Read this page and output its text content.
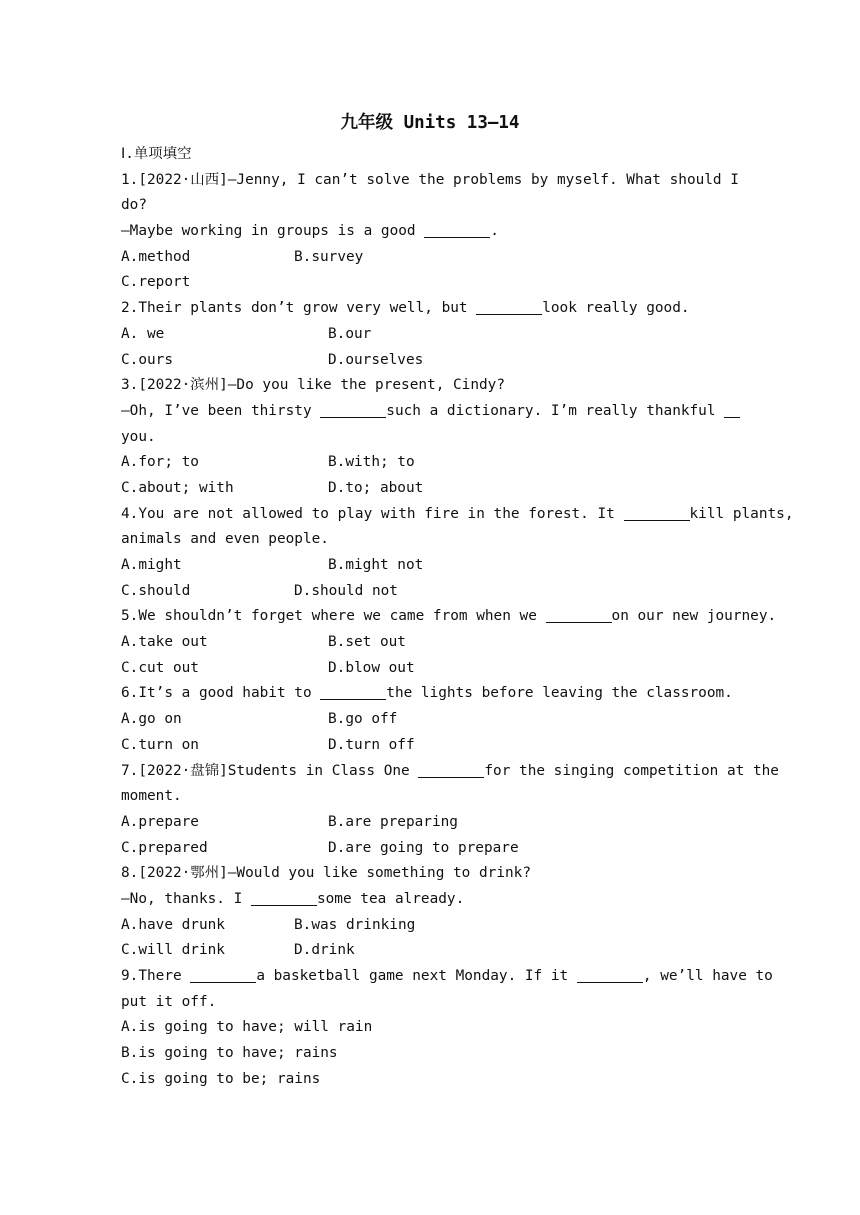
九年级 Units 13—14
Ⅰ.单项填空
1.[2022·山西]—Jenny, I can’t solve the problems by myself. What should I
do?
—Maybe working in groups is a good	.
A.method	B.survey
C.report
2.Their plants don’t grow very well, but	look really good.
A. we	B.our
C.ours	D.ourselves
3.[2022·滨州]—Do you like the present, Cindy?
—Oh, I’ve been thirsty	such a dictionary. I’m really thankful
you.
A.for; to	B.with; to
C.about; with	D.to; about
4.You are not allowed to play with fire in the forest. It	kill plants,
animals and even people.
A.might	B.might not
C.should	D.should not
5.We shouldn’t forget where we came from when we	on our new journey.
A.take out	B.set out
C.cut out	D.blow out
6.It’s a good habit to	the lights before leaving the classroom.
A.go on	B.go off
C.turn on	D.turn off
7.[2022·盘锦]Students in Class One	for the singing competition at the
moment.
A.prepare	B.are preparing
C.prepared	D.are going to prepare
8.[2022·鄂州]—Would you like something to drink?
—No, thanks. I	some tea already.
A.have drunk	B.was drinking
C.will drink	D.drink
9.There	a basketball game next Monday. If it	, we’ll have to
put it off.
A.is going to have; will rain
B.is going to have; rains
C.is going to be; rains
